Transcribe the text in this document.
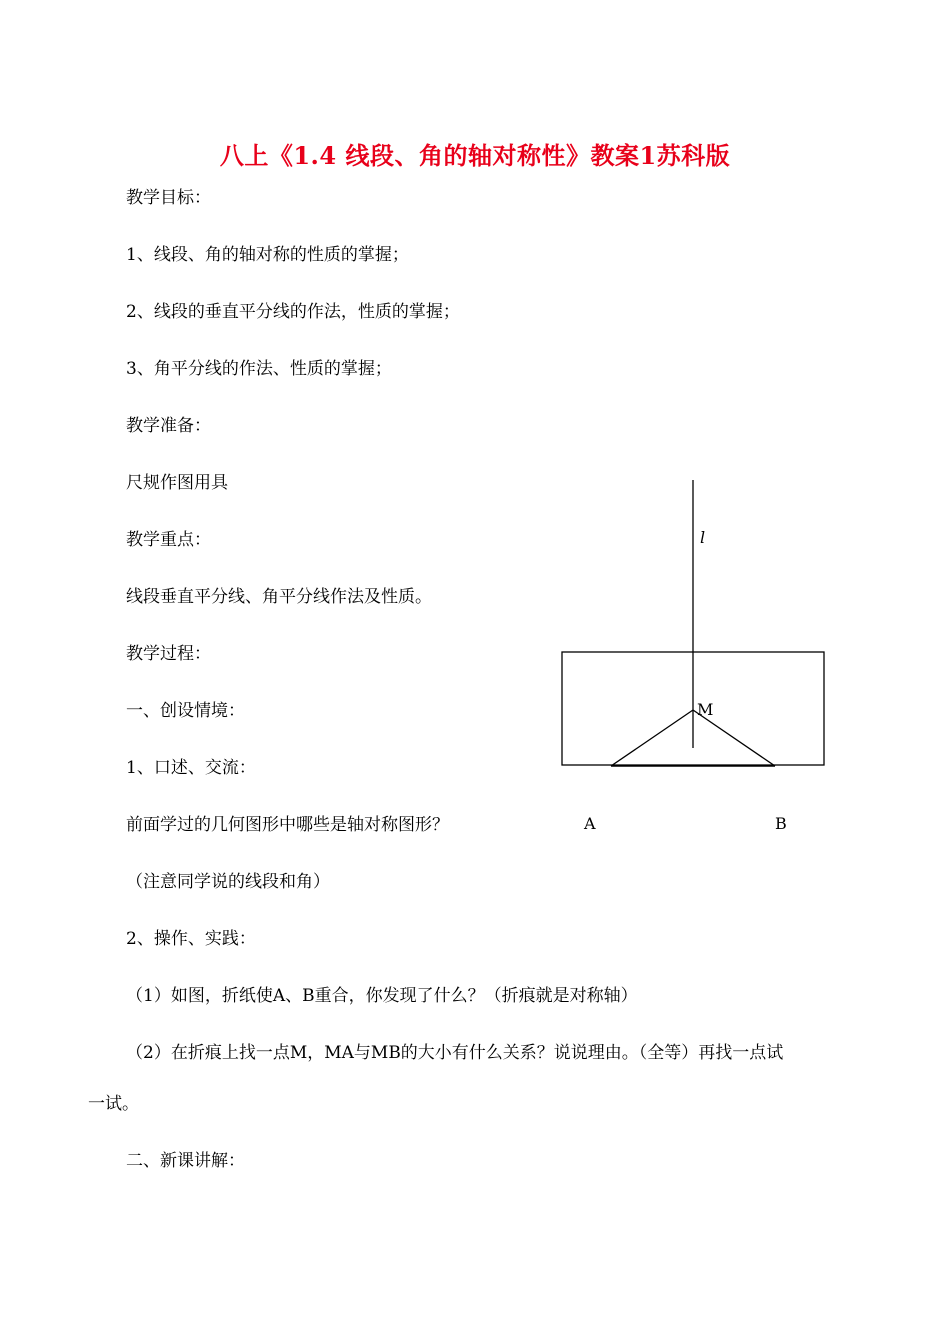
八上《1.4 线段、角的轴对称性》教案1苏科版
教学目标：
1、线段、角的轴对称的性质的掌握；
2、线段的垂直平分线的作法，性质的掌握；
3、角平分线的作法、性质的掌握；
教学准备：
尺规作图用具
教学重点：
线段垂直平分线、角平分线作法及性质。
教学过程：
一、创设情境：
1、口述、交流：
前面学过的几何图形中哪些是轴对称图形？
（注意同学说的线段和角）
2、操作、实践：
（1）如图，折纸使A、B重合，你发现了什么？（折痕就是对称轴）
（2）在折痕上找一点M，MA与MB的大小有什么关系？说说理由。（全等）再找一点试
一试。
二、新课讲解：
l
M
A	B
